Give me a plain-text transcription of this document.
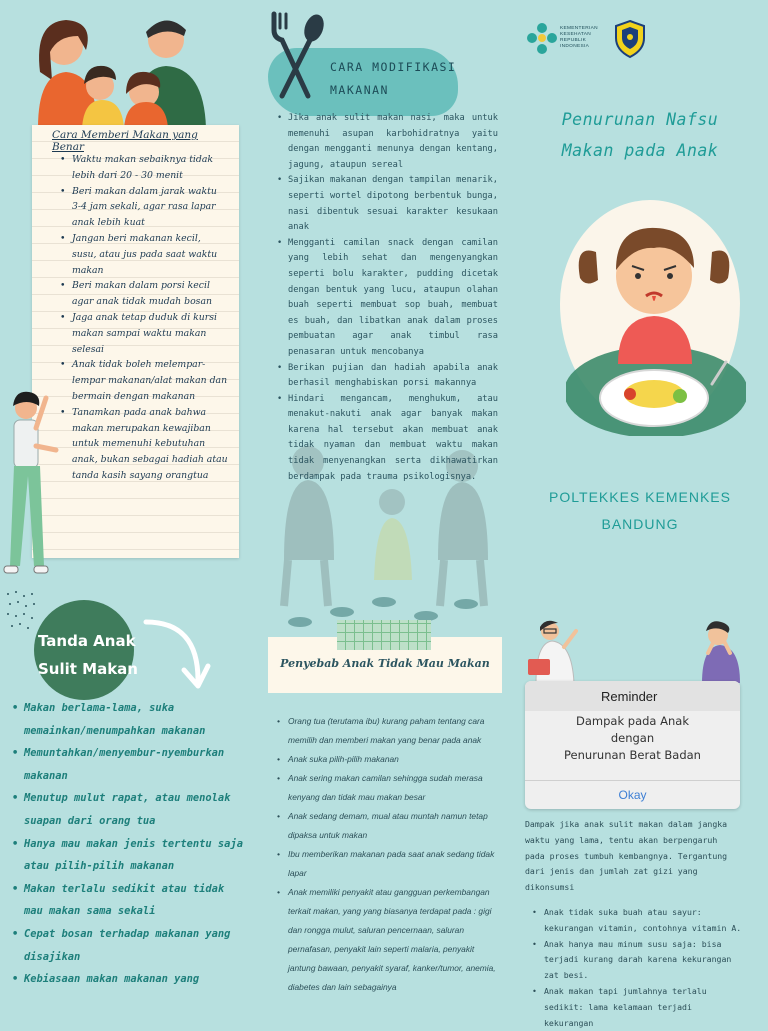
Cara Memberi Makan yang Benar
• Waktu makan sebaiknya tidak lebih dari 20 - 30 menit
• Beri makan dalam jarak waktu 3-4 jam sekali, agar rasa lapar anak lebih kuat
• Jangan beri makanan kecil, susu, atau jus pada saat waktu makan
• Beri makan dalam porsi kecil agar anak tidak mudah bosan
• Jaga anak tetap duduk di kursi makan sampai waktu makan selesai
• Anak tidak boleh melempar-lempar makanan/alat makan dan bermain dengan makanan
• Tanamkan pada anak bahwa makan merupakan kewajiban untuk memenuhi kebutuhan anak, bukan sebagai hadiah atau tanda kasih sayang orangtua
Tanda Anak
Sulit Makan
• Makan berlama-lama, suka memainkan/menumpahkan makanan
• Memuntahkan/menyembur-nyemburkan makanan
• Menutup mulut rapat, atau menolak suapan dari orang tua
• Hanya mau makan jenis tertentu saja atau pilih-pilih makanan
• Makan terlalu sedikit atau tidak mau makan sama sekali
• Cepat bosan terhadap makanan yang disajikan
• Kebiasaan makan makanan yang
CARA MODIFIKASI
MAKANAN
• Jika anak sulit makan nasi, maka untuk memenuhi asupan karbohidratnya yaitu dengan mengganti menunya dengan kentang, jagung, ataupun sereal
• Sajikan makanan dengan tampilan menarik, seperti wortel dipotong berbentuk bunga, nasi dibentuk sesuai karakter kesukaan anak
• Mengganti camilan snack dengan camilan yang lebih sehat dan mengenyangkan seperti bolu karakter, pudding dicetak dengan bentuk yang lucu, ataupun olahan buah seperti membuat sop buah, membuat es buah, dan libatkan anak dalam proses pembuatan agar anak timbul rasa penasaran untuk mencobanya
• Berikan pujian dan hadiah apabila anak berhasil menghabiskan porsi makannya
• Hindari mengancam, menghukum, atau menakut-nakuti anak agar banyak makan karena hal tersebut akan membuat anak tidak nyaman dan membuat waktu makan tidak menyenangkan serta dikhawatirkan berdampak pada trauma psikologisnya.
Penyebab Anak Tidak Mau Makan
• Orang tua (terutama ibu) kurang paham tentang cara memilih dan memberi makan yang benar pada anak
• Anak suka pilih-pilih makanan
• Anak sering makan camilan sehingga sudah merasa kenyang dan tidak mau makan besar
• Anak sedang demam, mual atau muntah namun tetap dipaksa untuk makan
• Ibu memberikan makanan pada saat anak sedang tidak lapar
• Anak memiliki penyakit atau gangguan perkembangan terkait makan, yang yang biasanya terdapat pada : gigi dan rongga mulut, saluran pencernaan, saluran pernafasan, penyakit lain seperti malaria, penyakit jantung bawaan, penyakit syaraf, kanker/tumor, anemia, diabetes dan lain sebagainya
KEMENTERIAN
KESEHATAN
REPUBLIK
INDONESIA
Penurunan Nafsu
Makan pada Anak
POLTEKKES KEMENKES
BANDUNG
Reminder
Dampak pada Anak
dengan
Penurunan Berat Badan
Okay
Dampak jika anak sulit makan dalam jangka waktu yang lama, tentu akan berpengaruh pada proses tumbuh kembangnya. Tergantung dari jenis dan jumlah zat gizi yang dikonsumsi
• Anak tidak suka buah atau sayur: kekurangan vitamin, contohnya vitamin A.
• Anak hanya mau minum susu saja: bisa terjadi kurang darah karena kekurangan zat besi.
• Anak makan tapi jumlahnya terlalu sedikit: lama kelamaan terjadi kekurangan
